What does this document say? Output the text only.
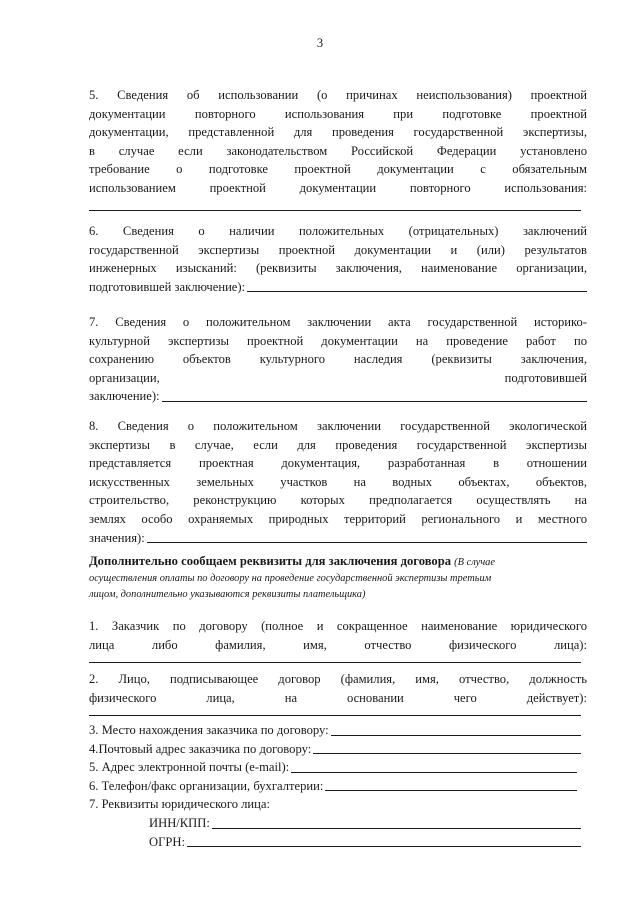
3
5. Сведения об использовании (о причинах неиспользования) проектной
документации повторного использования при подготовке проектной
документации, представленной для проведения государственной экспертизы,
в случае если законодательством Российской Федерации установлено
требование о подготовке проектной документации с обязательным
использованием проектной документации повторного использования:
6. Сведения о наличии положительных (отрицательных) заключений
государственной экспертизы проектной документации и (или) результатов
инженерных изысканий: (реквизиты заключения, наименование организации,
подготовившей заключение):
7. Сведения о положительном заключении акта государственной историко-
культурной экспертизы проектной документации на проведение работ по
сохранению объектов культурного наследия (реквизиты заключения,
организации,	подготовившей
заключение):
8. Сведения о положительном заключении государственной экологической
экспертизы в случае, если для проведения государственной экспертизы
представляется проектная документация, разработанная в отношении
искусственных земельных участков на водных объектах, объектов,
строительство, реконструкцию которых предполагается осуществлять на
землях особо охраняемых природных территорий регионального и местного
значения):
Дополнительно сообщаем реквизиты для заключения договора (В случае
осуществления оплаты по договору на проведение государственной экспертизы третьим
лицом, дополнительно указываются реквизиты плательщика)
1. Заказчик по договору (полное и сокращенное наименование юридического
лица либо фамилия, имя, отчество физического лица):
2. Лицо, подписывающее договор (фамилия, имя, отчество, должность
физического лица, на основании чего действует):
3. Место нахождения заказчика по договору:
4.Почтовый адрес заказчика по договору:
5. Адрес электронной почты (e-mail):
6. Телефон/факс организации, бухгалтерии:
7. Реквизиты юридического лица:
ИНН/КПП:
ОГРН:
